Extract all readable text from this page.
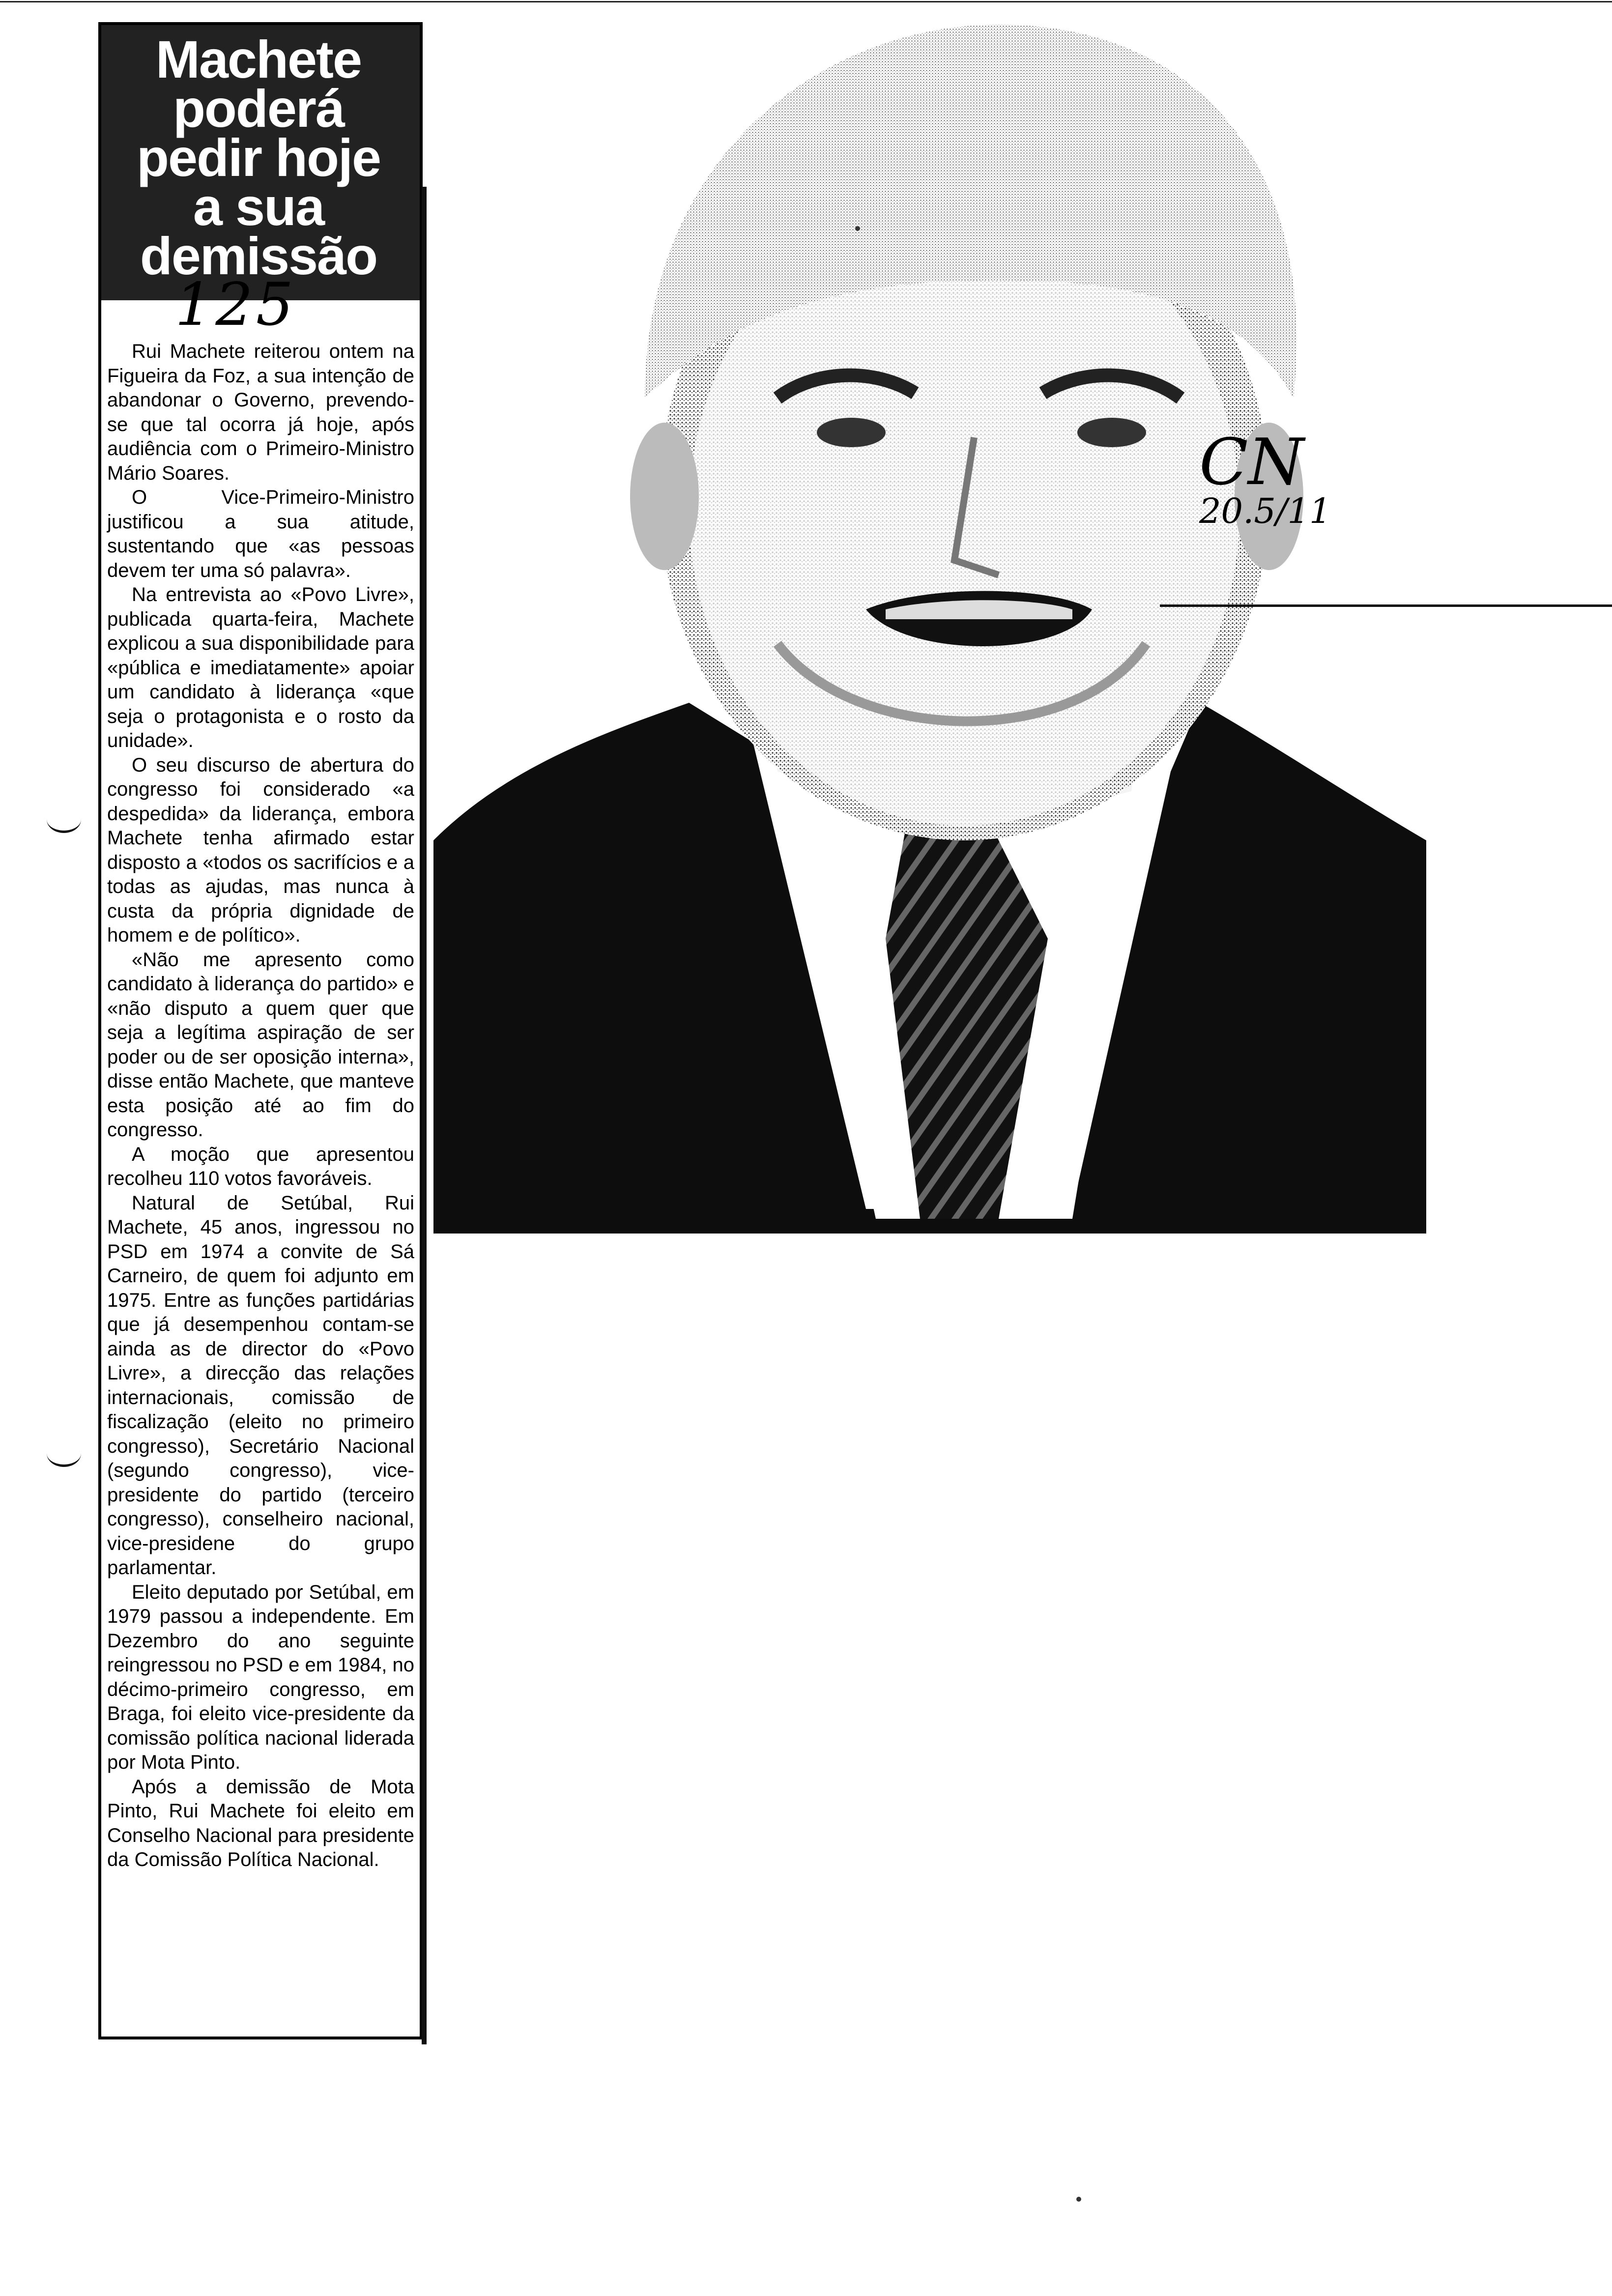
Machete
poderá
pedir hoje
a sua
demissão
125

Rui Machete reiterou ontem na Figueira da Foz, a sua intenção de abandonar o Governo, prevendo-se que tal ocorra já hoje, após audiência com o Primeiro-Ministro Mário Soares.

O Vice-Primeiro-Ministro justificou a sua atitude, sustentando que «as pessoas devem ter uma só palavra».

Na entrevista ao «Povo Livre», publicada quarta-feira, Machete explicou a sua disponibilidade para «pública e imediatamente» apoiar um candidato à liderança «que seja o protagonista e o rosto da unidade».

O seu discurso de abertura do congresso foi considerado «a despedida» da liderança, embora Machete tenha afirmado estar disposto a «todos os sacrifícios e a todas as ajudas, mas nunca à custa da própria dignidade de homem e de político».

«Não me apresento como candidato à liderança do partido» e «não disputo a quem quer que seja a legítima aspiração de ser poder ou de ser oposição interna», disse então Machete, que manteve esta posição até ao fim do congresso.

A moção que apresentou recolheu 110 votos favoráveis.

Natural de Setúbal, Rui Machete, 45 anos, ingressou no PSD em 1974 a convite de Sá Carneiro, de quem foi adjunto em 1975. Entre as funções partidárias que já desempenhou contam-se ainda as de director do «Povo Livre», a direcção das relações internacionais, comissão de fiscalização (eleito no primeiro congresso), Secretário Nacional (segundo congresso), vice-presidente do partido (terceiro congresso), conselheiro nacional, vice-presidene do grupo parlamentar.

Eleito deputado por Setúbal, em 1979 passou a independente. Em Dezembro do ano seguinte reingressou no PSD e em 1984, no décimo-primeiro congresso, em Braga, foi eleito vice-presidente da comissão política nacional liderada por Mota Pinto.

Após a demissão de Mota Pinto, Rui Machete foi eleito em Conselho Nacional para presidente da Comissão Política Nacional.

CN
20.5/11
